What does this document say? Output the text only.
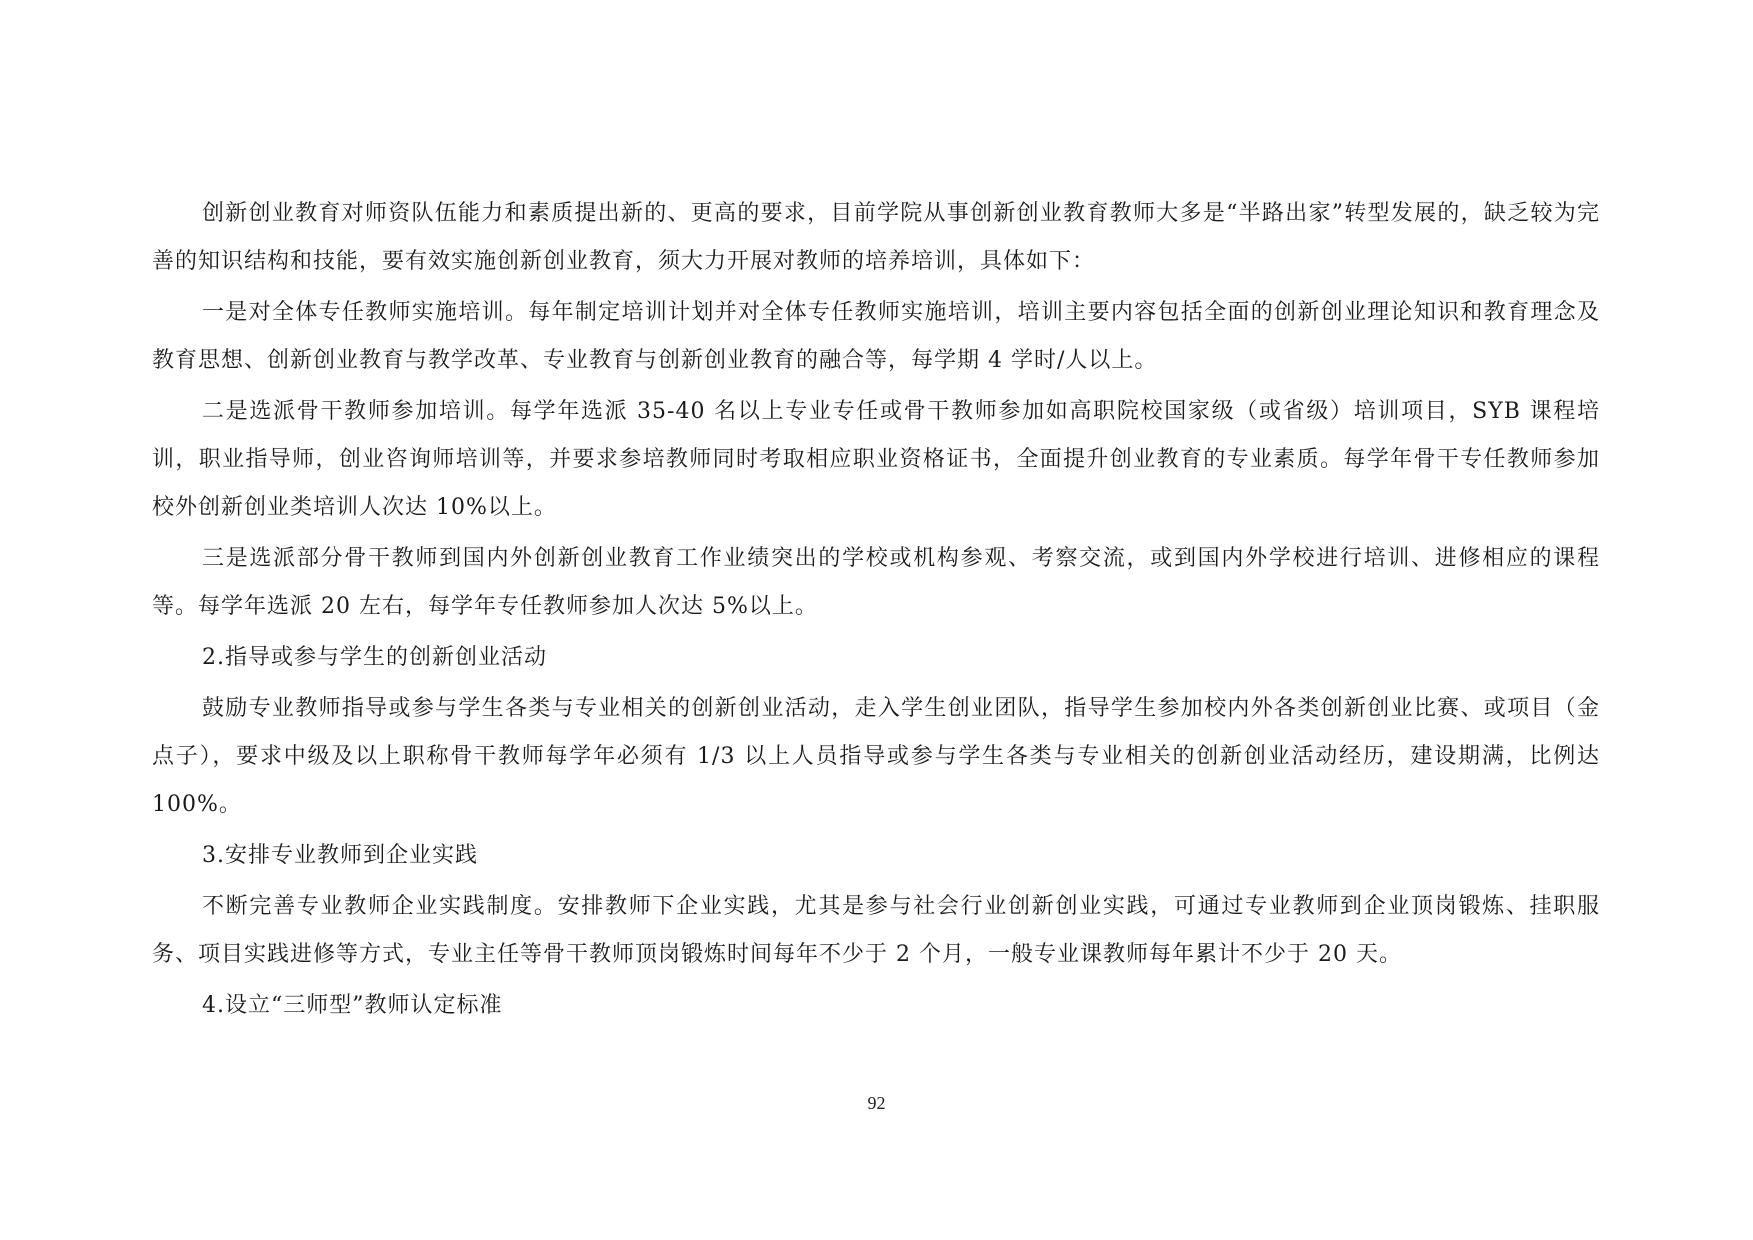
创新创业教育对师资队伍能力和素质提出新的、更高的要求，目前学院从事创新创业教育教师大多是“半路出家”转型发展的，缺乏较为完善的知识结构和技能，要有效实施创新创业教育，须大力开展对教师的培养培训，具体如下：

一是对全体专任教师实施培训。每年制定培训计划并对全体专任教师实施培训，培训主要内容包括全面的创新创业理论知识和教育理念及教育思想、创新创业教育与教学改革、专业教育与创新创业教育的融合等，每学期 4 学时/人以上。

二是选派骨干教师参加培训。每学年选派 35-40 名以上专业专任或骨干教师参加如高职院校国家级（或省级）培训项目，SYB 课程培训，职业指导师，创业咨询师培训等，并要求参培教师同时考取相应职业资格证书，全面提升创业教育的专业素质。每学年骨干专任教师参加校外创新创业类培训人次达 10%以上。

三是选派部分骨干教师到国内外创新创业教育工作业绩突出的学校或机构参观、考察交流，或到国内外学校进行培训、进修相应的课程等。每学年选派 20 左右，每学年专任教师参加人次达 5%以上。

2.指导或参与学生的创新创业活动

鼓励专业教师指导或参与学生各类与专业相关的创新创业活动，走入学生创业团队，指导学生参加校内外各类创新创业比赛、或项目（金点子），要求中级及以上职称骨干教师每学年必须有 1/3 以上人员指导或参与学生各类与专业相关的创新创业活动经历，建设期满，比例达 100%。

3.安排专业教师到企业实践

不断完善专业教师企业实践制度。安排教师下企业实践，尤其是参与社会行业创新创业实践，可通过专业教师到企业顶岗锻炼、挂职服务、项目实践进修等方式，专业主任等骨干教师顶岗锻炼时间每年不少于 2 个月，一般专业课教师每年累计不少于 20 天。

4.设立“三师型”教师认定标准

92
